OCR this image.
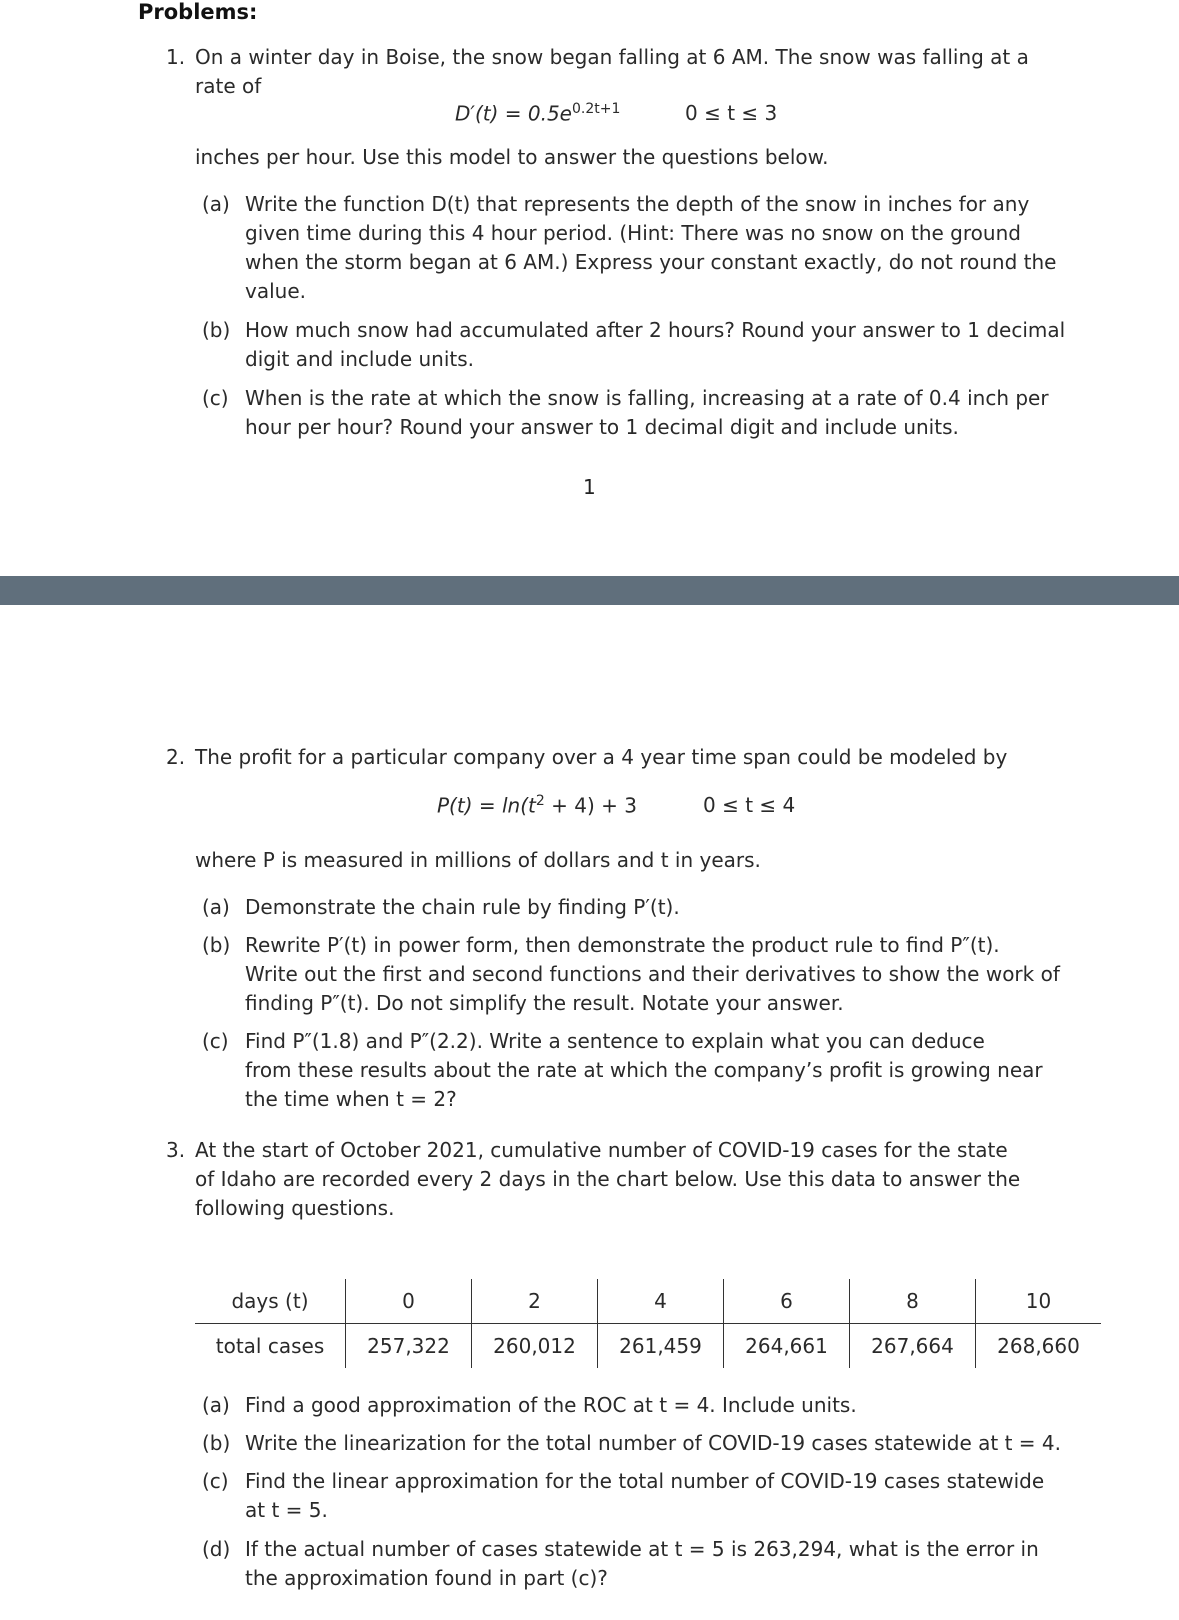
Problems:
1. On a winter day in Boise, the snow began falling at 6 AM. The snow was falling at a
rate of
$D'(t) = 0.5e^{0.2t+1}$	0 ≤ t ≤ 3
inches per hour. Use this model to answer the questions below.
(a) Write the function D(t) that represents the depth of the snow in inches for any
given time during this 4 hour period. (Hint: There was no snow on the ground
when the storm began at 6 AM.) Express your constant exactly, do not round the
value.
(b) How much snow had accumulated after 2 hours? Round your answer to 1 decimal
digit and include units.
(c) When is the rate at which the snow is falling, increasing at a rate of 0.4 inch per
hour per hour? Round your answer to 1 decimal digit and include units.
1
2. The profit for a particular company over a 4 year time span could be modeled by
$P(t) = \ln(t^2 + 4) + 3$	0 ≤ t ≤ 4
where P is measured in millions of dollars and t in years.
(a) Demonstrate the chain rule by finding P′(t).
(b) Rewrite P′(t) in power form, then demonstrate the product rule to find P″(t).
Write out the first and second functions and their derivatives to show the work of
finding P″(t). Do not simplify the result. Notate your answer.
(c) Find P″(1.8) and P″(2.2). Write a sentence to explain what you can deduce
from these results about the rate at which the company’s profit is growing near
the time when t = 2?
3. At the start of October 2021, cumulative number of COVID-19 cases for the state
of Idaho are recorded every 2 days in the chart below. Use this data to answer the
following questions.
days (t)	0	2	4	6	8	10
total cases	257,322	260,012	261,459	264,661	267,664	268,660
(a) Find a good approximation of the ROC at t = 4. Include units.
(b) Write the linearization for the total number of COVID-19 cases statewide at t = 4.
(c) Find the linear approximation for the total number of COVID-19 cases statewide
at t = 5.
(d) If the actual number of cases statewide at t = 5 is 263,294, what is the error in
the approximation found in part (c)?
